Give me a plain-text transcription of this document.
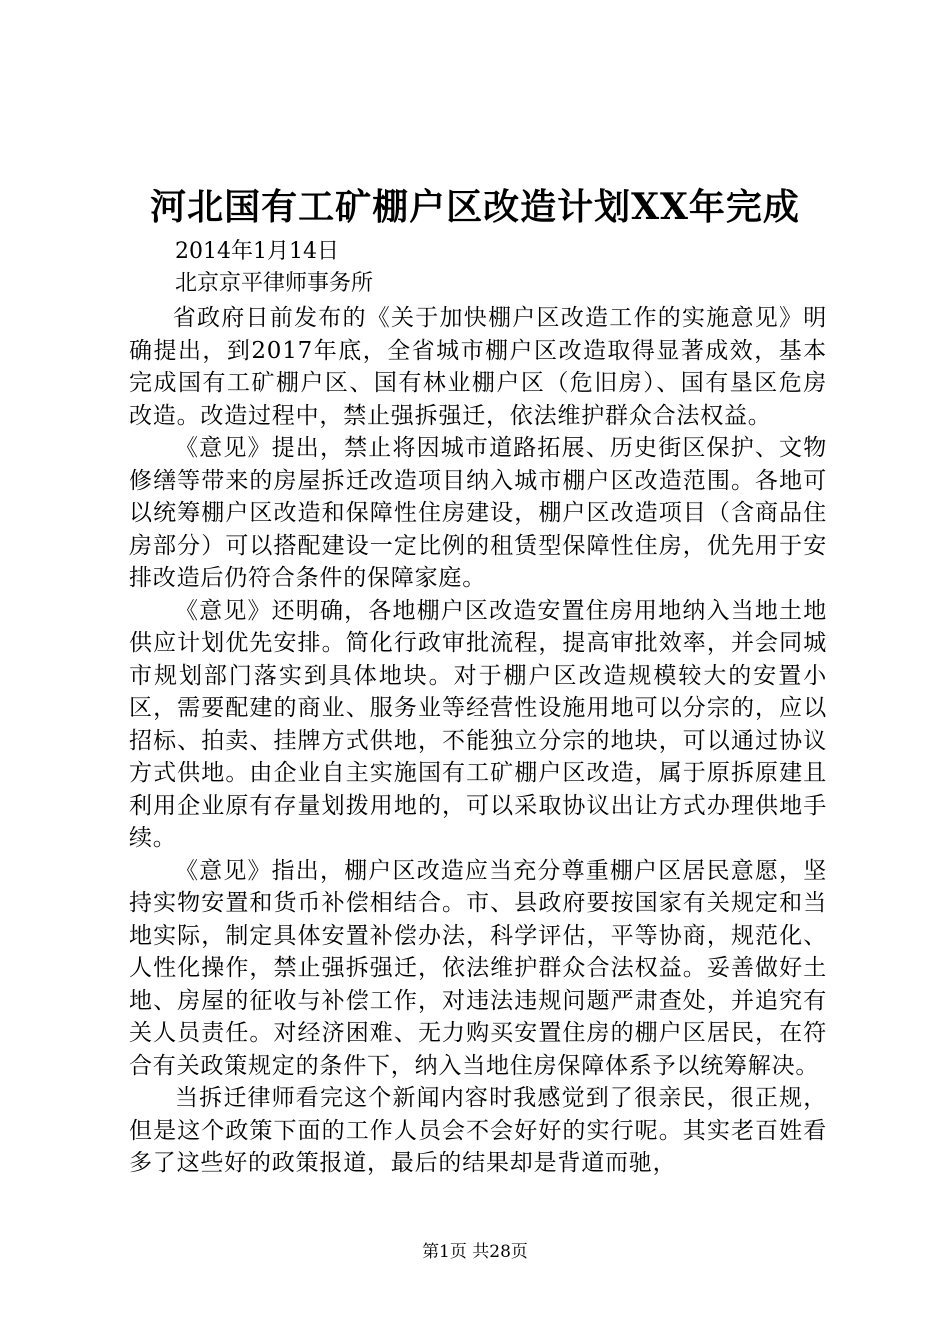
河北国有工矿棚户区改造计划XX年完成
2014年1月14日
北京京平律师事务所

省政府日前发布的《关于加快棚户区改造工作的实施意见》明确提出，到2017年底，全省城市棚户区改造取得显著成效，基本完成国有工矿棚户区、国有林业棚户区（危旧房）、国有垦区危房改造。改造过程中，禁止强拆强迁，依法维护群众合法权益。

《意见》提出，禁止将因城市道路拓展、历史街区保护、文物修缮等带来的房屋拆迁改造项目纳入城市棚户区改造范围。各地可以统筹棚户区改造和保障性住房建设，棚户区改造项目（含商品住房部分）可以搭配建设一定比例的租赁型保障性住房，优先用于安排改造后仍符合条件的保障家庭。

《意见》还明确，各地棚户区改造安置住房用地纳入当地土地供应计划优先安排。简化行政审批流程，提高审批效率，并会同城市规划部门落实到具体地块。对于棚户区改造规模较大的安置小区，需要配建的商业、服务业等经营性设施用地可以分宗的，应以招标、拍卖、挂牌方式供地，不能独立分宗的地块，可以通过协议方式供地。由企业自主实施国有工矿棚户区改造，属于原拆原建且利用企业原有存量划拨用地的，可以采取协议出让方式办理供地手续。

《意见》指出，棚户区改造应当充分尊重棚户区居民意愿，坚持实物安置和货币补偿相结合。市、县政府要按国家有关规定和当地实际，制定具体安置补偿办法，科学评估，平等协商，规范化、人性化操作，禁止强拆强迁，依法维护群众合法权益。妥善做好土地、房屋的征收与补偿工作，对违法违规问题严肃查处，并追究有关人员责任。对经济困难、无力购买安置住房的棚户区居民，在符合有关政策规定的条件下，纳入当地住房保障体系予以统筹解决。

当拆迁律师看完这个新闻内容时我感觉到了很亲民，很正规，但是这个政策下面的工作人员会不会好好的实行呢。其实老百姓看多了这些好的政策报道，最后的结果却是背道而驰，

第1页 共28页
